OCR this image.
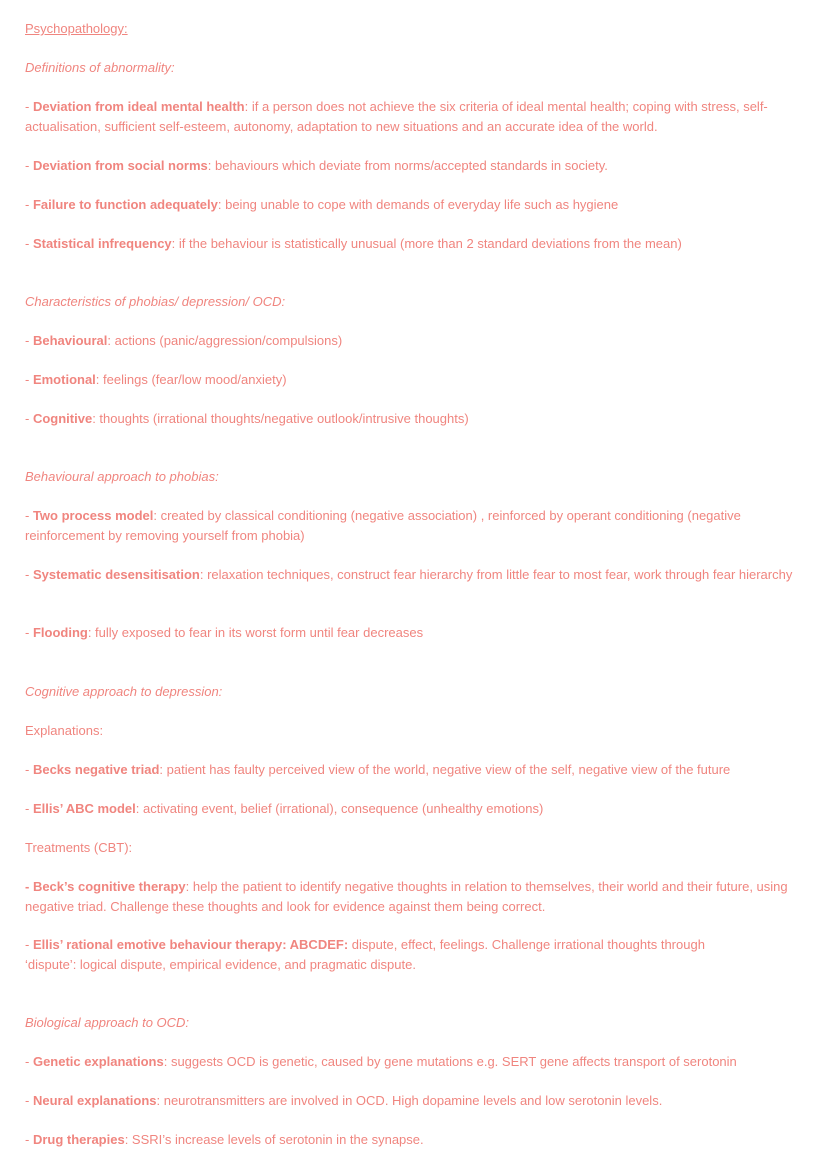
Psychopathology:
Definitions of abnormality:
- Deviation from ideal mental health: if a person does not achieve the six criteria of ideal mental health; coping with stress, self-actualisation, sufficient self-esteem, autonomy, adaptation to new situations and an accurate idea of the world.
- Deviation from social norms: behaviours which deviate from norms/accepted standards in society.
- Failure to function adequately: being unable to cope with demands of everyday life such as hygiene
- Statistical infrequency: if the behaviour is statistically unusual (more than 2 standard deviations from the mean)
Characteristics of phobias/ depression/ OCD:
- Behavioural: actions (panic/aggression/compulsions)
- Emotional: feelings (fear/low mood/anxiety)
- Cognitive: thoughts (irrational thoughts/negative outlook/intrusive thoughts)
Behavioural approach to phobias:
- Two process model: created by classical conditioning (negative association) , reinforced by operant conditioning (negative reinforcement by removing yourself from phobia)
- Systematic desensitisation: relaxation techniques, construct fear hierarchy from little fear to most fear, work through fear hierarchy
- Flooding: fully exposed to fear in its worst form until fear decreases
Cognitive approach to depression:
Explanations:
- Becks negative triad: patient has faulty perceived view of the world, negative view of the self, negative view of the future
- Ellis’ ABC model: activating event, belief (irrational), consequence (unhealthy emotions)
Treatments (CBT):
- Beck’s cognitive therapy: help the patient to identify negative thoughts in relation to themselves, their world and their future, using negative triad. Challenge these thoughts and look for evidence against them being correct.
- Ellis’ rational emotive behaviour therapy: ABCDEF: dispute, effect, feelings. Challenge irrational thoughts through ‘dispute’: logical dispute, empirical evidence, and pragmatic dispute.
Biological approach to OCD:
- Genetic explanations: suggests OCD is genetic, caused by gene mutations e.g. SERT gene affects transport of serotonin
- Neural explanations: neurotransmitters are involved in OCD. High dopamine levels and low serotonin levels.
- Drug therapies: SSRI’s increase levels of serotonin in the synapse.
